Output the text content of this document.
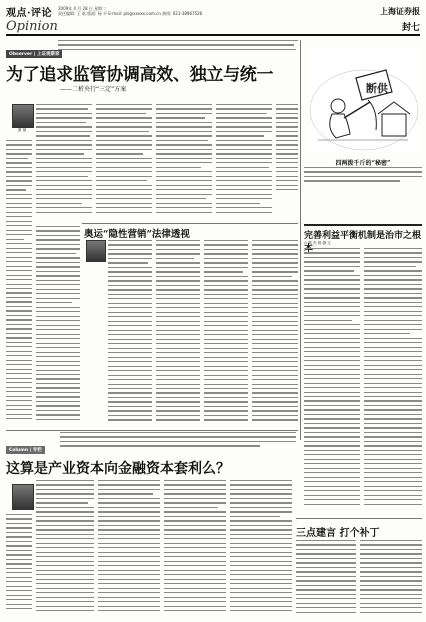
观点·评论 2009年 4 月 28 日 星期二
责任编辑: 王 晗 版面: 杨 平 E-mail: pls@xxxxx.com.cn 热线: 021-38967526	上海证券报
Opinion	封七
Observer | 上证观察家
为了追求监管协调高效、独立与统一
——二析央行“三定”方案
夏 斌
奥运“隐性营销”法律透视
断供
四两拨千斤的“秘密”
完善利益平衡机制是治市之根
◎ 陈 杰 蒋 超 文
Column | 专栏
这算是产业资本向金融资本套利么？
三点建言 打个补丁
